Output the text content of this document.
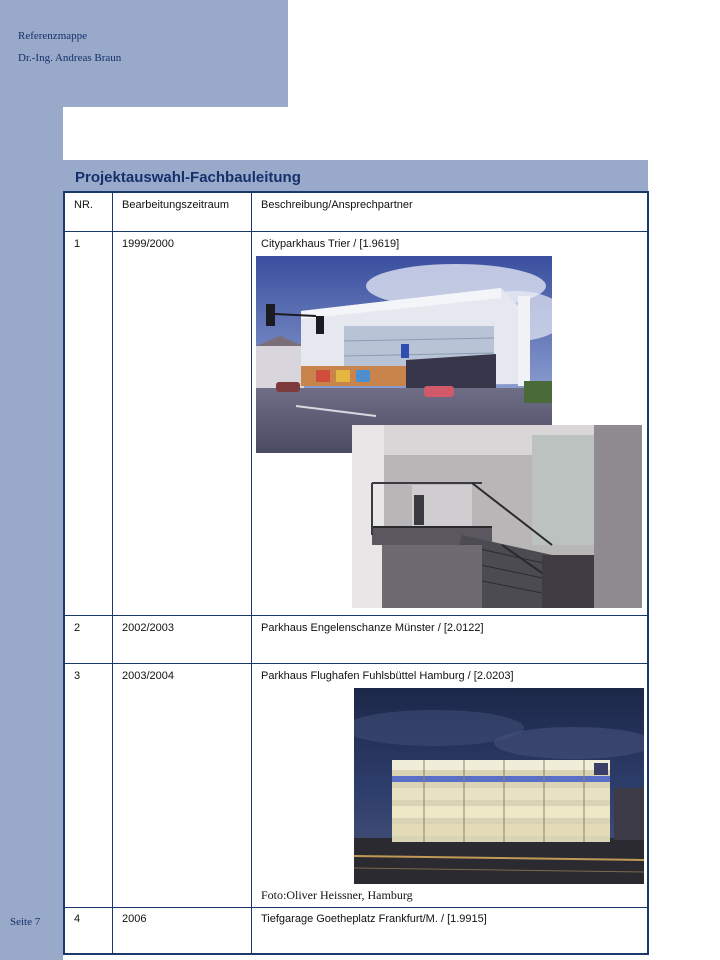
Referenzmappe
Dr.-Ing. Andreas Braun
Seite 7
Projektauswahl-Fachbauleitung
NR.	Bearbeitungszeitraum	Beschreibung/Ansprechpartner
1	1999/2000	Cityparkhaus Trier / [1.9619]
2	2002/2003	Parkhaus Engelenschanze Münster / [2.0122]
3	2003/2004	Parkhaus Flughafen Fuhlsbüttel Hamburg / [2.0203]
Foto:Oliver Heissner, Hamburg
4	2006	Tiefgarage Goetheplatz Frankfurt/M. / [1.9915]
